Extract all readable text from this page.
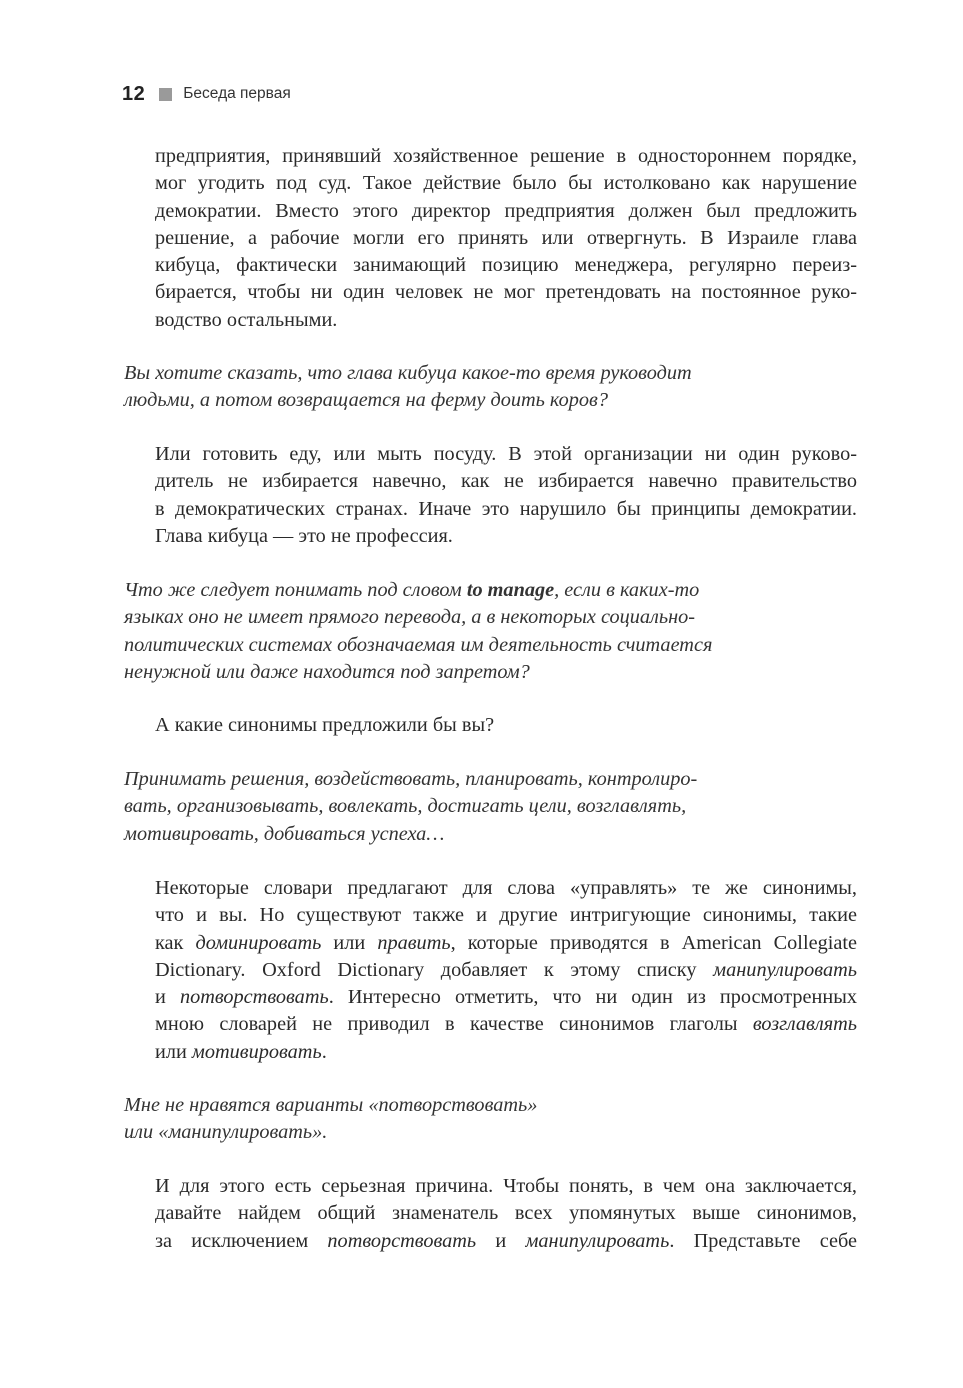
12 Беседа первая
предприятия, принявший хозяйственное решение в одностороннем порядке,
мог угодить под суд. Такое действие было бы истолковано как нарушение
демократии. Вместо этого директор предприятия должен был предложить
решение, а рабочие могли его принять или отвергнуть. В Израиле глава
кибуца, фактически занимающий позицию менеджера, регулярно переиз-
бирается, чтобы ни один человек не мог претендовать на постоянное руко-
водство остальными.
Вы хотите сказать, что глава кибуца какое-то время руководит
людьми, а потом возвращается на ферму доить коров?
Или готовить еду, или мыть посуду. В этой организации ни один руково-
дитель не избирается навечно, как не избирается навечно правительство
в демократических странах. Иначе это нарушило бы принципы демократии.
Глава кибуца — это не профессия.
Что же следует понимать под словом to manage, если в каких-то
языках оно не имеет прямого перевода, а в некоторых социально-
политических системах обозначаемая им деятельность считается
ненужной или даже находится под запретом?
А какие синонимы предложили бы вы?
Принимать решения, воздействовать, планировать, контролиро-
вать, организовывать, вовлекать, достигать цели, возглавлять,
мотивировать, добиваться успеха…
Некоторые словари предлагают для слова «управлять» те же синонимы,
что и вы. Но существуют также и другие интригующие синонимы, такие
как доминировать или править, которые приводятся в American Collegiate
Dictionary. Oxford Dictionary добавляет к этому списку манипулировать
и потворствовать. Интересно отметить, что ни один из просмотренных
мною словарей не приводил в качестве синонимов глаголы возглавлять
или мотивировать.
Мне не нравятся варианты «потворствовать»
или «манипулировать».
И для этого есть серьезная причина. Чтобы понять, в чем она заключается,
давайте найдем общий знаменатель всех упомянутых выше синонимов,
за исключением потворствовать и манипулировать. Представьте себе
